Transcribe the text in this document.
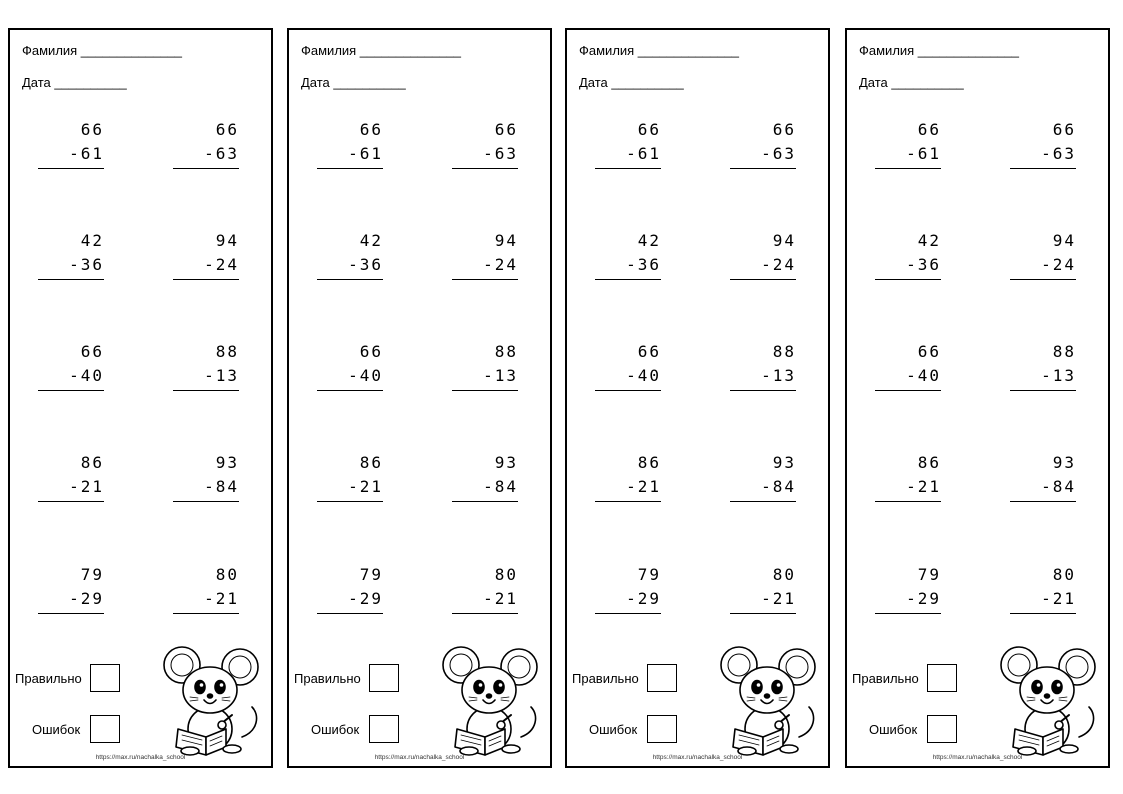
Фамилия ______________
Дата __________
66
-61
66
-63
42
-36
94
-24
66
-40
88
-13
86
-21
93
-84
79
-29
80
-21
Правильно
Ошибок
https://max.ru/nachalka_school
Фамилия ______________
Дата __________
66
-61
66
-63
42
-36
94
-24
66
-40
88
-13
86
-21
93
-84
79
-29
80
-21
Правильно
Ошибок
https://max.ru/nachalka_school
Фамилия ______________
Дата __________
66
-61
66
-63
42
-36
94
-24
66
-40
88
-13
86
-21
93
-84
79
-29
80
-21
Правильно
Ошибок
https://max.ru/nachalka_school
Фамилия ______________
Дата __________
66
-61
66
-63
42
-36
94
-24
66
-40
88
-13
86
-21
93
-84
79
-29
80
-21
Правильно
Ошибок
https://max.ru/nachalka_school
